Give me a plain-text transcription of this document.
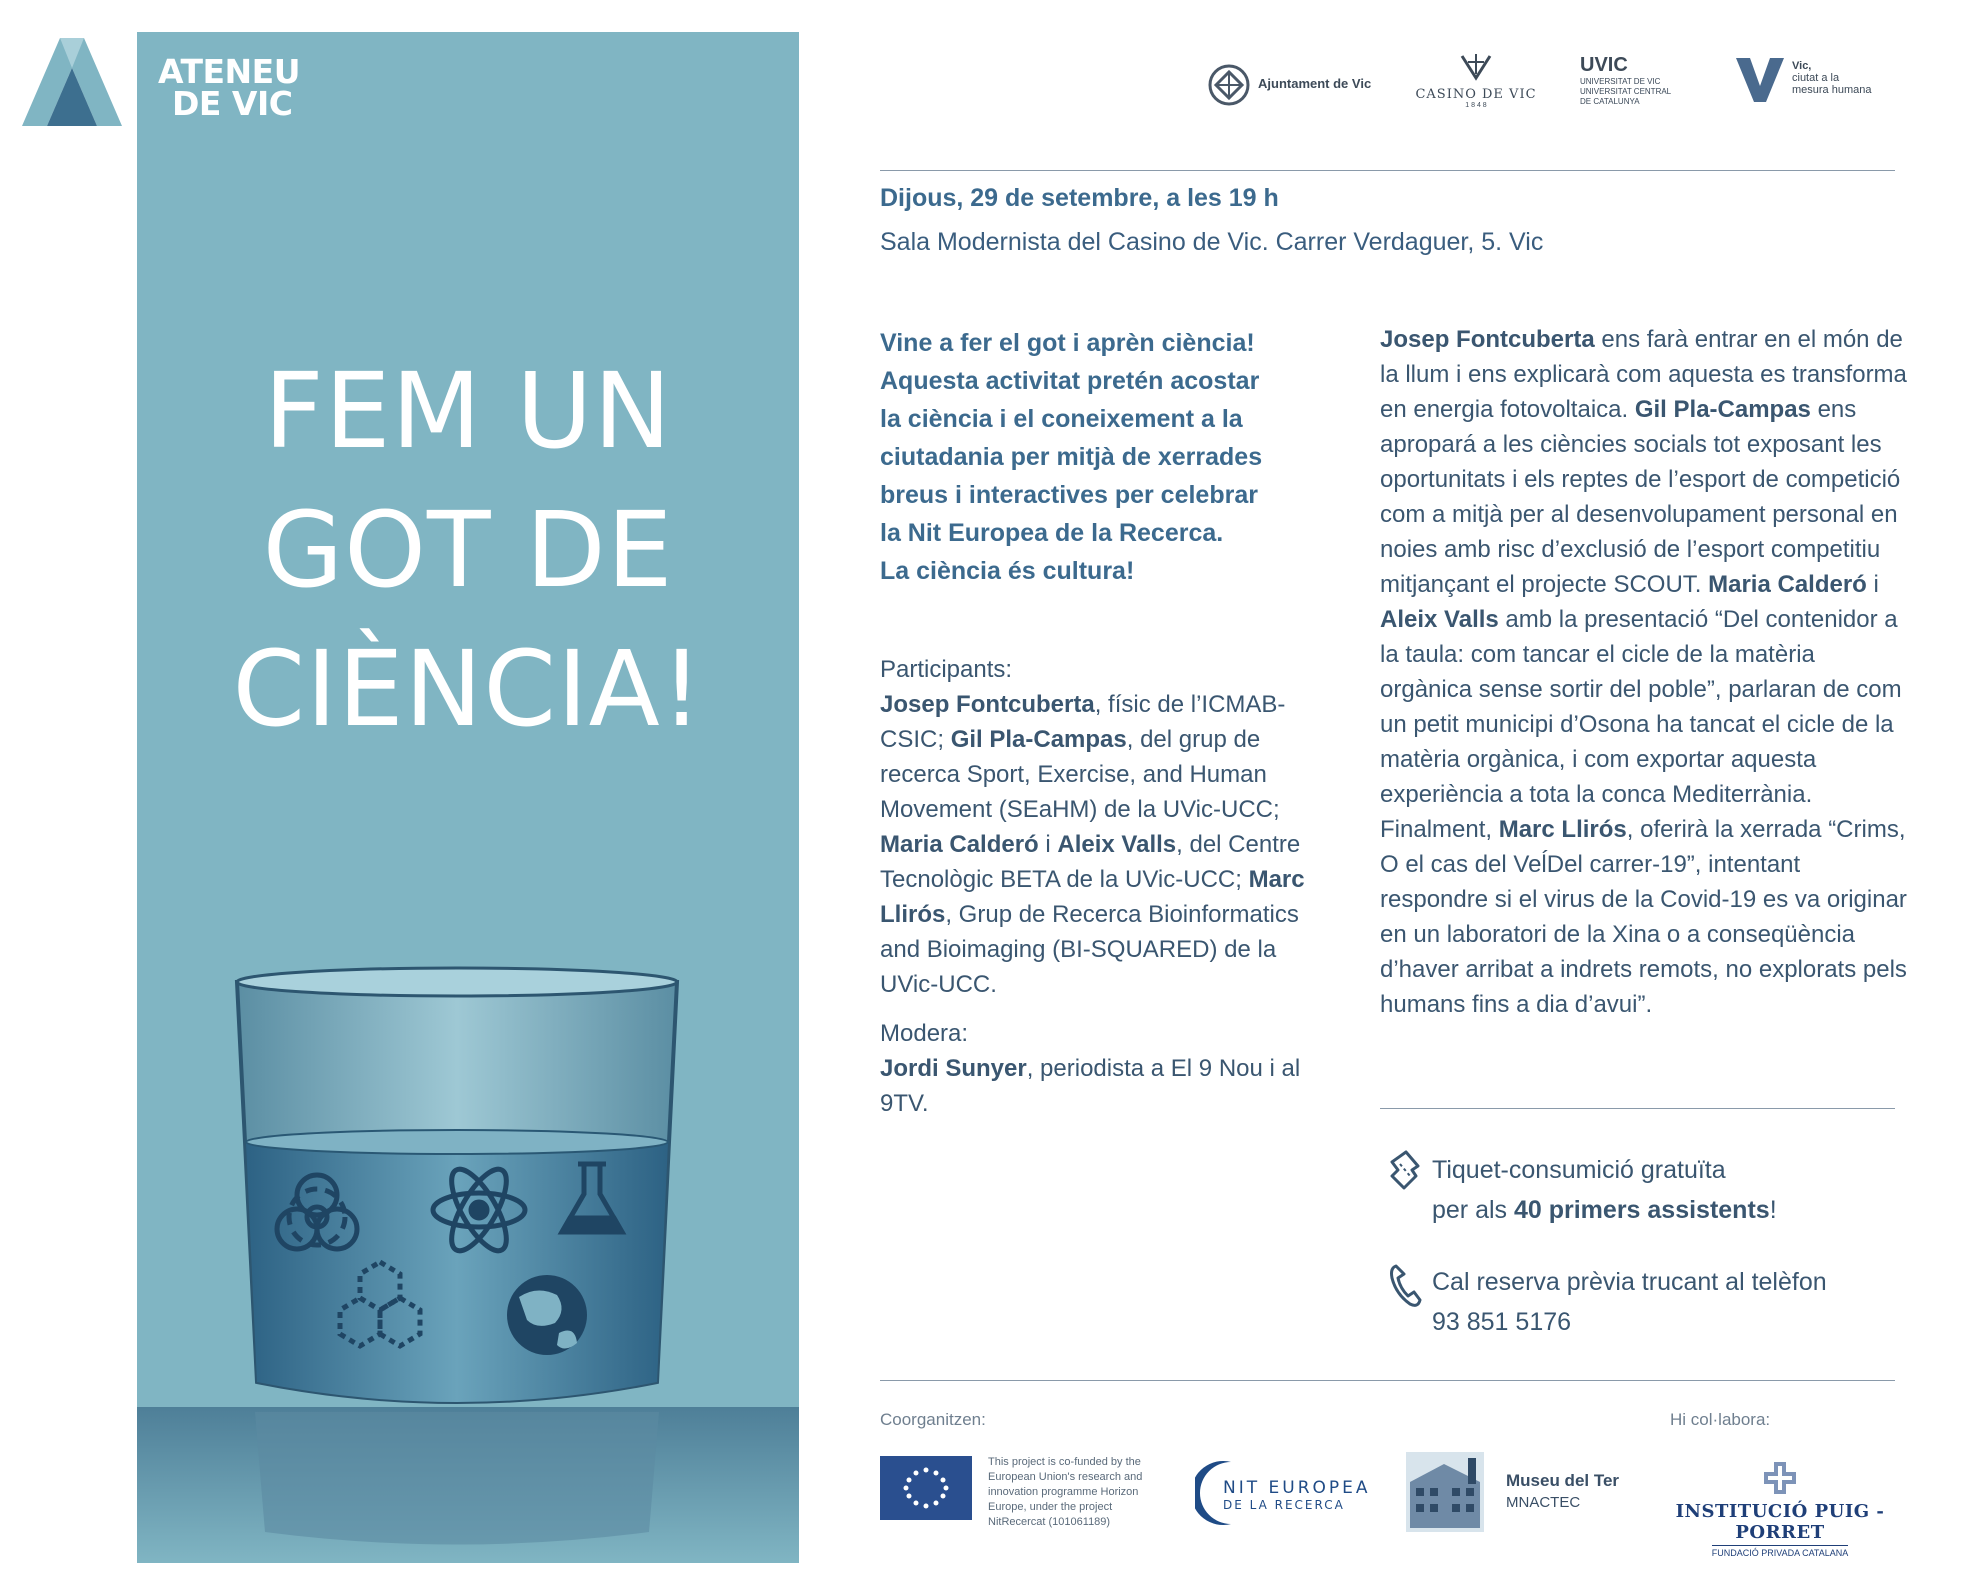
FEM UN
GOT DE
CIÈNCIA!
ATENEU
DE VIC
Ajuntament de Vic
CASINO DE VIC
1 8 4 8
UVIC
UNIVERSITAT DE VIC
UNIVERSITAT CENTRAL
DE CATALUNYA
Vic,
ciutat a la
mesura humana
Dijous, 29 de setembre, a les 19 h
Sala Modernista del Casino de Vic. Carrer Verdaguer, 5. Vic
Vine a fer el got i aprèn ciència!
Aquesta activitat pretén acostar
la ciència i el coneixement a la
ciutadania per mitjà de xerrades
breus i interactives per celebrar
la Nit Europea de la Recerca.
La ciència és cultura!
Participants:
Josep Fontcuberta, físic de l’ICMAB-CSIC; Gil Pla-Campas, del grup de recerca Sport, Exercise, and Human Movement (SEaHM) de la UVic-UCC; Maria Calderó i Aleix Valls, del Centre Tecnològic BETA de la UVic-UCC; Marc Llirós, Grup de Recerca Bioinformatics and Bioimaging (BI-SQUARED) de la UVic-UCC.
Modera:
Jordi Sunyer, periodista a El 9 Nou i al 9TV.
Josep Fontcuberta ens farà entrar en el món de la llum i ens explicarà com aquesta es transforma en energia fotovoltaica. Gil Pla-Campas ens apropará a les ciències socials tot exposant les oportunitats i els reptes de l’esport de competició com a mitjà per al desenvolupament personal en noies amb risc d’exclusió de l’esport competitiu mitjançant el projecte SCOUT. Maria Calderó i Aleix Valls amb la presentació “Del contenidor a la taula: com tancar el cicle de la matèria orgànica sense sortir del poble”, parlaran de com un petit municipi d’Osona ha tancat el cicle de la matèria orgànica, i com exportar aquesta experiència a tota la conca Mediterrània. Finalment, Marc Llirós, oferirà la xerrada “Crims, O el cas del VeĺDel carrer-19”, intentant respondre si el virus de la Covid-19 es va originar en un laboratori de la Xina o a conseqüència d’haver arribat a indrets remots, no explorats pels humans fins a dia d’avui”.
Tiquet-consumició gratuïta
per als 40 primers assistents!
Cal reserva prèvia trucant al telèfon
93 851 5176
Coorganitzen:	Hi col·labora:
This project is co-funded by the European Union's research and innovation programme Horizon Europe, under the project NitRecercat (101061189)
NIT EUROPEA
DE LA RECERCA
Museu del Ter
MNACTEC	INSTITUCIÓ PUIG - PORRET
FUNDACIÓ PRIVADA CATALANA
